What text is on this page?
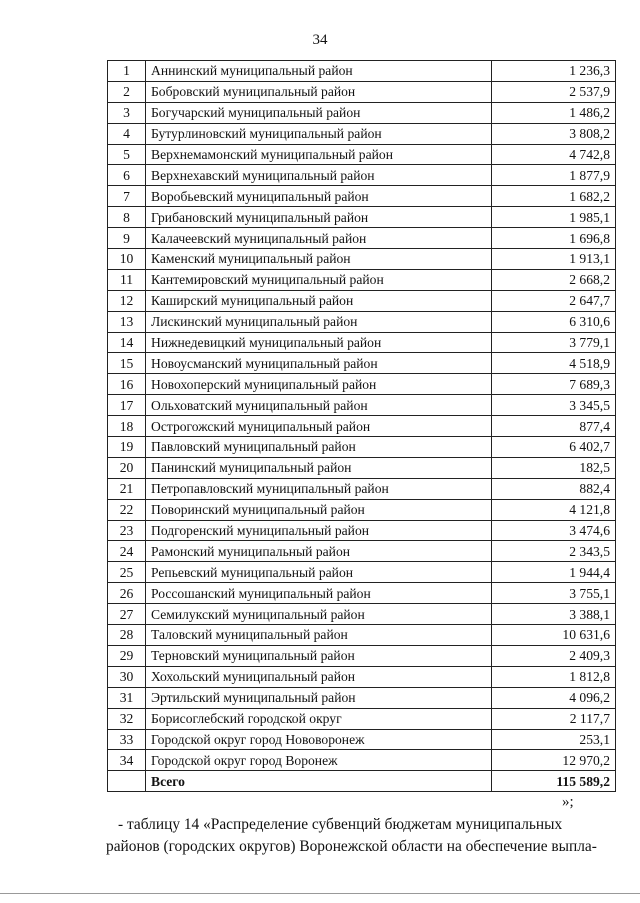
34
1	Аннинский муниципальный район	1 236,3
2	Бобровский муниципальный район	2 537,9
3	Богучарский муниципальный район	1 486,2
4	Бутурлиновский муниципальный район	3 808,2
5	Верхнемамонский муниципальный район	4 742,8
6	Верхнехавский муниципальный район	1 877,9
7	Воробьевский муниципальный район	1 682,2
8	Грибановский муниципальный район	1 985,1
9	Калачеевский муниципальный район	1 696,8
10	Каменский муниципальный район	1 913,1
11	Кантемировский муниципальный район	2 668,2
12	Каширский муниципальный район	2 647,7
13	Лискинский муниципальный район	6 310,6
14	Нижнедевицкий муниципальный район	3 779,1
15	Новоусманский муниципальный район	4 518,9
16	Новохоперский муниципальный район	7 689,3
17	Ольховатский муниципальный район	3 345,5
18	Острогожский муниципальный район	877,4
19	Павловский муниципальный район	6 402,7
20	Панинский муниципальный район	182,5
21	Петропавловский муниципальный район	882,4
22	Поворинский муниципальный район	4 121,8
23	Подгоренский муниципальный район	3 474,6
24	Рамонский муниципальный район	2 343,5
25	Репьевский муниципальный район	1 944,4
26	Россошанский муниципальный район	3 755,1
27	Семилукский муниципальный район	3 388,1
28	Таловский муниципальный район	10 631,6
29	Терновский муниципальный район	2 409,3
30	Хохольский муниципальный район	1 812,8
31	Эртильский муниципальный район	4 096,2
32	Борисоглебский городской округ	2 117,7
33	Городской округ город Нововоронеж	253,1
34	Городской округ город Воронеж	12 970,2
	Всего	115 589,2
»;
- таблицу 14 «Распределение субвенций бюджетам муниципальных
районов (городских округов) Воронежской области на обеспечение выпла-
